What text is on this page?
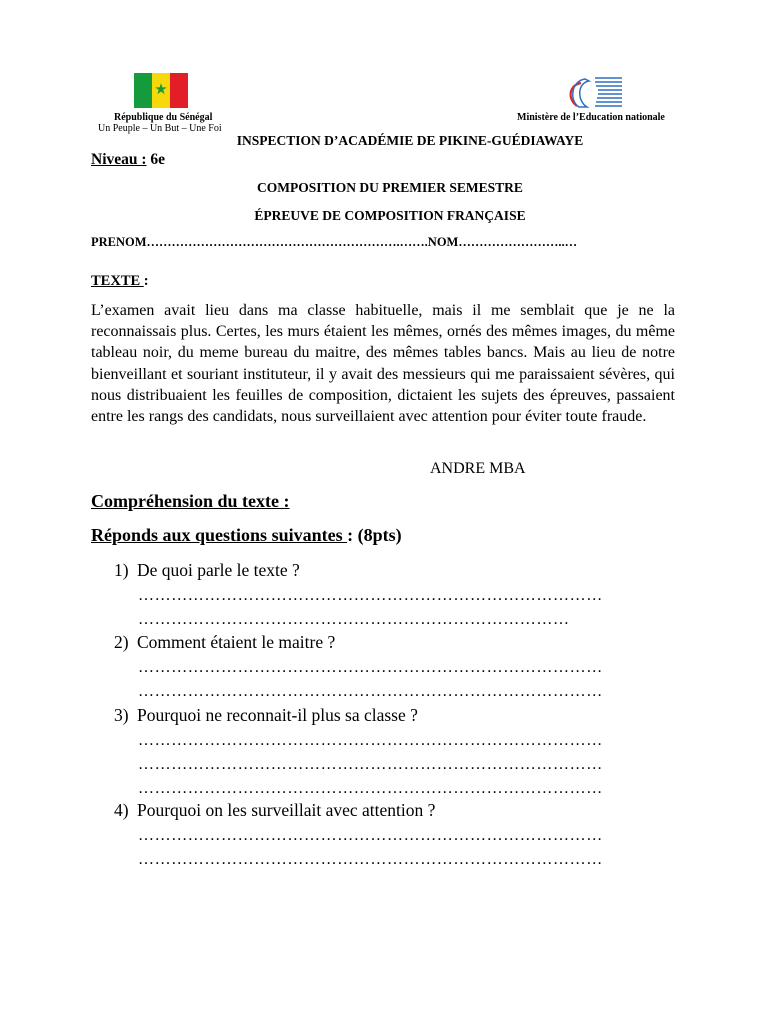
★
République du Sénégal
Un Peuple – Un But – Une Foi
Ministère de l’Education nationale
INSPECTION D’ACADÉMIE DE PIKINE-GUÉDIAWAYE
Niveau : 6e
COMPOSITION DU PREMIER SEMESTRE
ÉPREUVE DE COMPOSITION FRANÇAISE
PRENOM…………………………………………………….…….NOM……………………..…
TEXTE :
L’examen avait lieu dans ma classe habituelle, mais il me semblait que je ne la reconnaissais plus. Certes, les murs étaient les mêmes, ornés des mêmes images, du même tableau noir, du meme bureau du maitre, des mêmes tables bancs. Mais au lieu de notre bienveillant et souriant instituteur, il y avait des messieurs qui me paraissaient sévères, qui nous distribuaient les feuilles de composition, dictaient les sujets des épreuves, passaient entre les rangs des candidats, nous surveillaient avec attention pour éviter toute fraude.
ANDRE MBA
Compréhension du texte :
Réponds aux questions suivantes : (8pts)
1) De quoi parle le texte ?
…………………………………………………………………………
……………………………………………………………………
2) Comment étaient le maitre ?
…………………………………………………………………………
…………………………………………………………………………
3) Pourquoi ne reconnait-il plus sa classe ?
…………………………………………………………………………
…………………………………………………………………………
…………………………………………………………………………
4) Pourquoi on les surveillait avec attention ?
…………………………………………………………………………
…………………………………………………………………………
